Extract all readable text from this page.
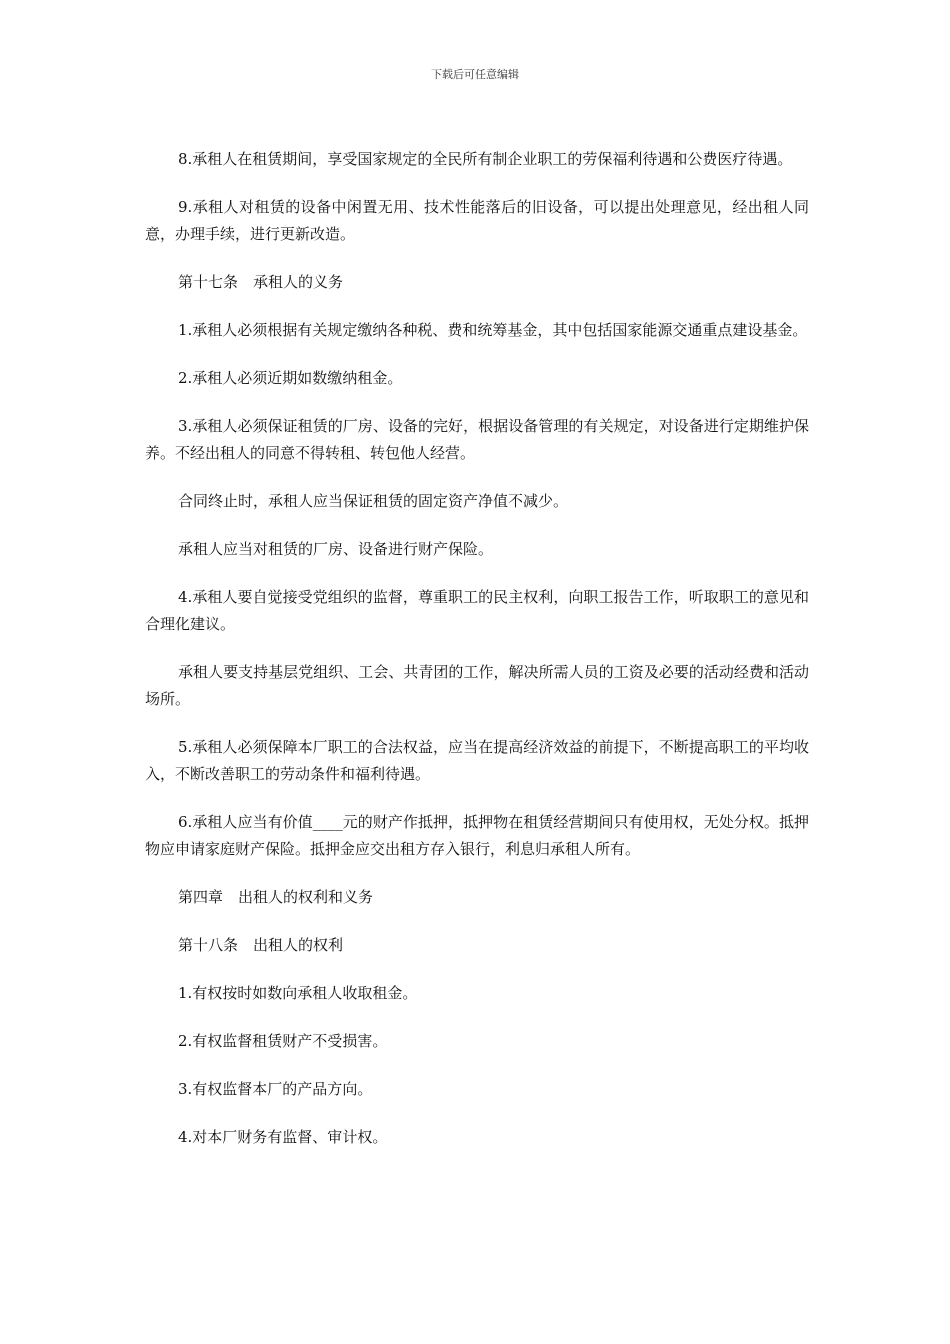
下载后可任意编辑

8.承租人在租赁期间，享受国家规定的全民所有制企业职工的劳保福利待遇和公费医疗待遇。

9.承租人对租赁的设备中闲置无用、技术性能落后的旧设备，可以提出处理意见，经出租人同意，办理手续，进行更新改造。

第十七条　承租人的义务

1.承租人必须根据有关规定缴纳各种税、费和统筹基金，其中包括国家能源交通重点建设基金。

2.承租人必须近期如数缴纳租金。

3.承租人必须保证租赁的厂房、设备的完好，根据设备管理的有关规定，对设备进行定期维护保养。不经出租人的同意不得转租、转包他人经营。

合同终止时，承租人应当保证租赁的固定资产净值不减少。

承租人应当对租赁的厂房、设备进行财产保险。

4.承租人要自觉接受党组织的监督，尊重职工的民主权利，向职工报告工作，听取职工的意见和合理化建议。

承租人要支持基层党组织、工会、共青团的工作，解决所需人员的工资及必要的活动经费和活动场所。

5.承租人必须保障本厂职工的合法权益，应当在提高经济效益的前提下，不断提高职工的平均收入，不断改善职工的劳动条件和福利待遇。

6.承租人应当有价值____元的财产作抵押，抵押物在租赁经营期间只有使用权，无处分权。抵押物应申请家庭财产保险。抵押金应交出租方存入银行，利息归承租人所有。

第四章　出租人的权利和义务

第十八条　出租人的权利

1.有权按时如数向承租人收取租金。

2.有权监督租赁财产不受损害。

3.有权监督本厂的产品方向。

4.对本厂财务有监督、审计权。
